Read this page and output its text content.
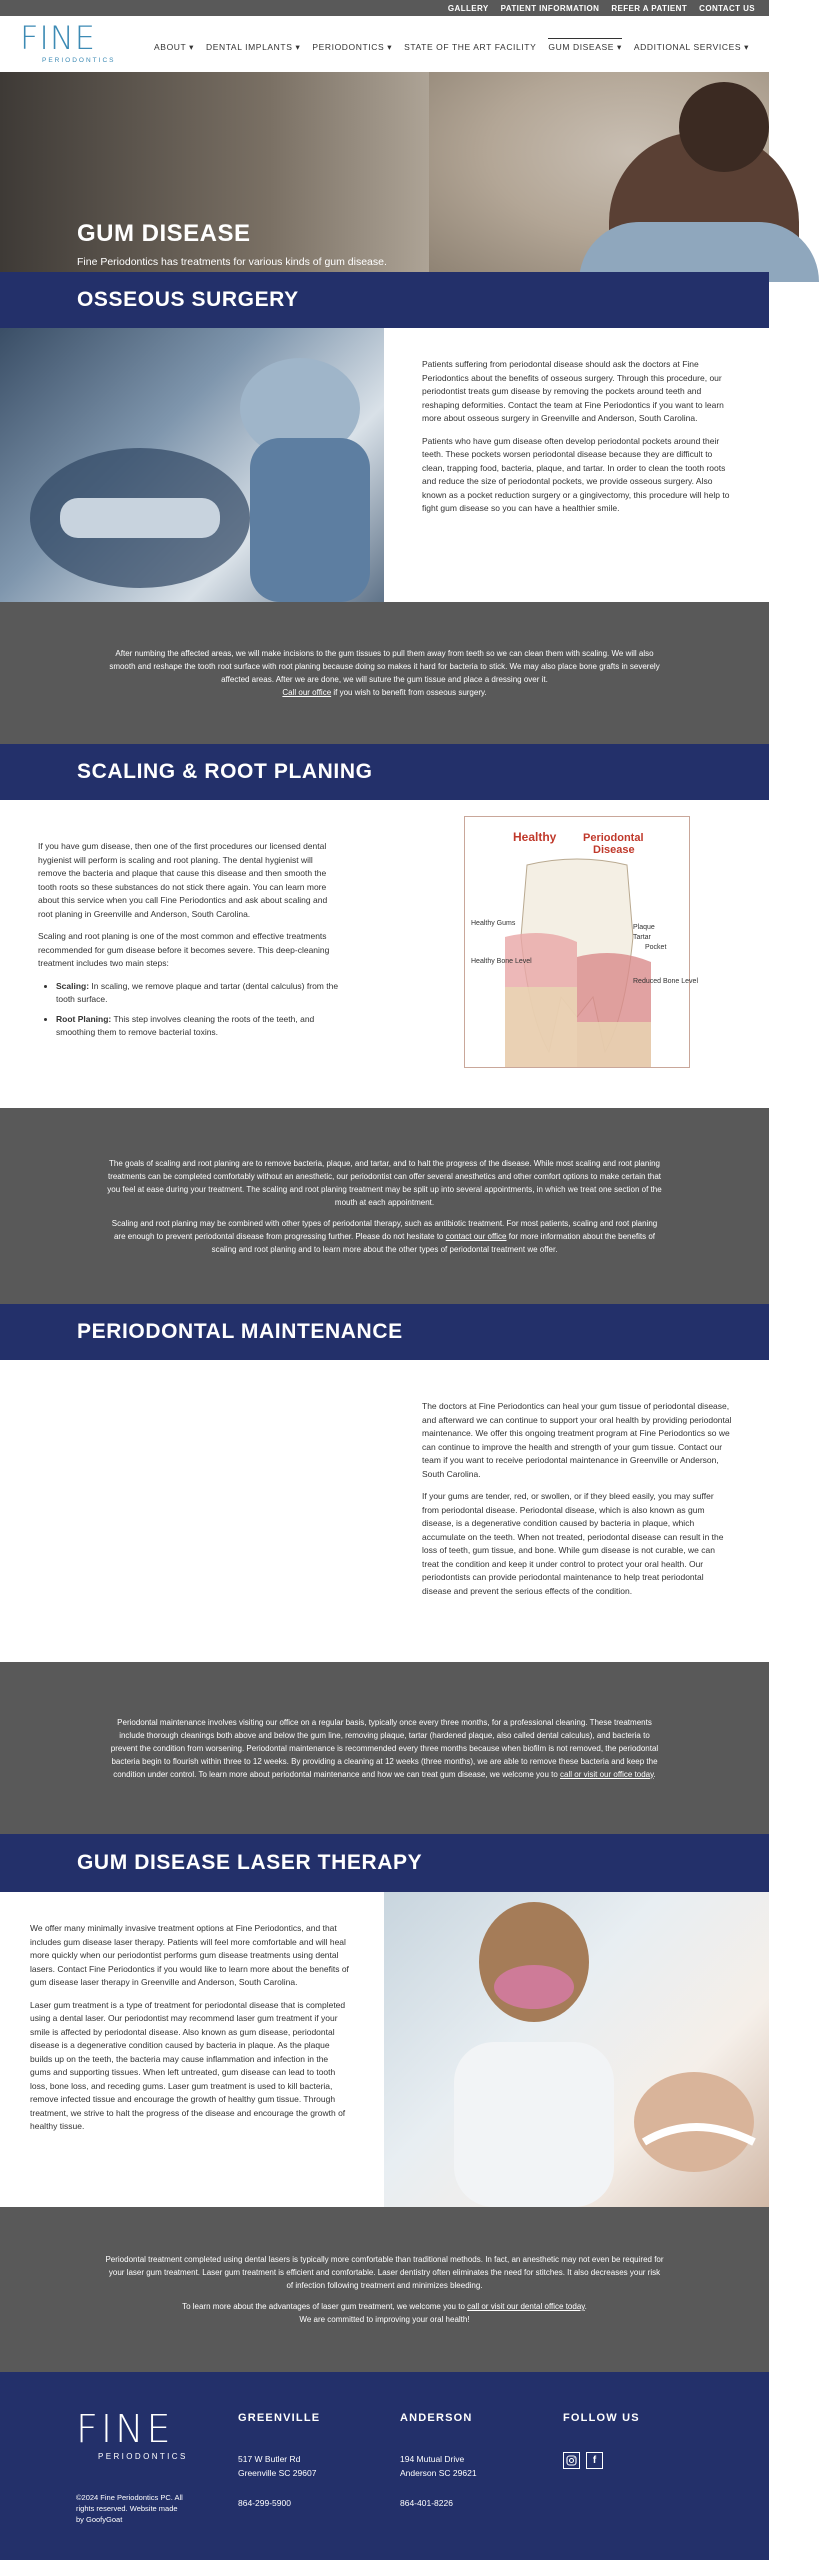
GALLERY PATIENT INFORMATION REFER A PATIENT CONTACT US
FINE
PERIODONTICS
ABOUT ▾ DENTAL IMPLANTS ▾ PERIODONTICS ▾ STATE OF THE ART FACILITY GUM DISEASE ▾ ADDITIONAL SERVICES ▾
GUM DISEASE
Fine Periodontics has treatments for various kinds of gum disease.
OSSEOUS SURGERY

Patients suffering from periodontal disease should ask the doctors at Fine Periodontics about the benefits of osseous surgery. Through this procedure, our periodontist treats gum disease by removing the pockets around teeth and reshaping deformities. Contact the team at Fine Periodontics if you want to learn more about osseous surgery in Greenville and Anderson, South Carolina.

Patients who have gum disease often develop periodontal pockets around their teeth. These pockets worsen periodontal disease because they are difficult to clean, trapping food, bacteria, plaque, and tartar. In order to clean the tooth roots and reduce the size of periodontal pockets, we provide osseous surgery. Also known as a pocket reduction surgery or a gingivectomy, this procedure will help to fight gum disease so you can have a healthier smile.

After numbing the affected areas, we will make incisions to the gum tissues to pull them away from teeth so we can clean them with scaling. We will also smooth and reshape the tooth root surface with root planing because doing so makes it hard for bacteria to stick. We may also place bone grafts in severely affected areas. After we are done, we will suture the gum tissue and place a dressing over it.
Call our office if you wish to benefit from osseous surgery.
SCALING & ROOT PLANING

If you have gum disease, then one of the first procedures our licensed dental hygienist will perform is scaling and root planing. The dental hygienist will remove the bacteria and plaque that cause this disease and then smooth the tooth roots so these substances do not stick there again. You can learn more about this service when you call Fine Periodontics and ask about scaling and root planing in Greenville and Anderson, South Carolina.

Scaling and root planing is one of the most common and effective treatments recommended for gum disease before it becomes severe. This deep-cleaning treatment includes two main steps:

• Scaling: In scaling, we remove plaque and tartar (dental calculus) from the tooth surface.
• Root Planing: This step involves cleaning the roots of the teeth, and smoothing them to remove bacterial toxins.
Healthy Periodontal Disease
Healthy Gums
Healthy Bone Level
Plaque
Tartar
Pocket
Reduced Bone Level
The goals of scaling and root planing are to remove bacteria, plaque, and tartar, and to halt the progress of the disease. While most scaling and root planing treatments can be completed comfortably without an anesthetic, our periodontist can offer several anesthetics and other comfort options to make certain that you feel at ease during your treatment. The scaling and root planing treatment may be split up into several appointments, in which we treat one section of the mouth at each appointment.
Scaling and root planing may be combined with other types of periodontal therapy, such as antibiotic treatment. For most patients, scaling and root planing are enough to prevent periodontal disease from progressing further. Please do not hesitate to contact our office for more information about the benefits of scaling and root planing and to learn more about the other types of periodontal treatment we offer.
PERIODONTAL MAINTENANCE

The doctors at Fine Periodontics can heal your gum tissue of periodontal disease, and afterward we can continue to support your oral health by providing periodontal maintenance. We offer this ongoing treatment program at Fine Periodontics so we can continue to improve the health and strength of your gum tissue. Contact our team if you want to receive periodontal maintenance in Greenville or Anderson, South Carolina.

If your gums are tender, red, or swollen, or if they bleed easily, you may suffer from periodontal disease. Periodontal disease, which is also known as gum disease, is a degenerative condition caused by bacteria in plaque, which accumulate on the teeth. When not treated, periodontal disease can result in the loss of teeth, gum tissue, and bone. While gum disease is not curable, we can treat the condition and keep it under control to protect your oral health. Our periodontists can provide periodontal maintenance to help treat periodontal disease and prevent the serious effects of the condition.

Periodontal maintenance involves visiting our office on a regular basis, typically once every three months, for a professional cleaning. These treatments include thorough cleanings both above and below the gum line, removing plaque, tartar (hardened plaque, also called dental calculus), and bacteria to prevent the condition from worsening. Periodontal maintenance is recommended every three months because when biofilm is not removed, the periodontal bacteria begin to flourish within three to 12 weeks. By providing a cleaning at 12 weeks (three months), we are able to remove these bacteria and keep the condition under control. To learn more about periodontal maintenance and how we can treat gum disease, we welcome you to call or visit our office today.
GUM DISEASE LASER THERAPY

We offer many minimally invasive treatment options at Fine Periodontics, and that includes gum disease laser therapy. Patients will feel more comfortable and will heal more quickly when our periodontist performs gum disease treatments using dental lasers. Contact Fine Periodontics if you would like to learn more about the benefits of gum disease laser therapy in Greenville and Anderson, South Carolina.

Laser gum treatment is a type of treatment for periodontal disease that is completed using a dental laser. Our periodontist may recommend laser gum treatment if your smile is affected by periodontal disease. Also known as gum disease, periodontal disease is a degenerative condition caused by bacteria in plaque. As the plaque builds up on the teeth, the bacteria may cause inflammation and infection in the gums and supporting tissues. When left untreated, gum disease can lead to tooth loss, bone loss, and receding gums. Laser gum treatment is used to kill bacteria, remove infected tissue and encourage the growth of healthy gum tissue. Through treatment, we strive to halt the progress of the disease and encourage the growth of healthy tissue.

Periodontal treatment completed using dental lasers is typically more comfortable than traditional methods. In fact, an anesthetic may not even be required for your laser gum treatment. Laser gum treatment is efficient and comfortable. Laser dentistry often eliminates the need for stitches. It also decreases your risk of infection following treatment and minimizes bleeding.
To learn more about the advantages of laser gum treatment, we welcome you to call or visit our dental office today.
We are committed to improving your oral health!
FINE
PERIODONTICS
©2024 Fine Periodontics PC. All rights reserved. Website made by GoofyGoat
GREENVILLE
517 W Butler Rd
Greenville SC 29607
864-299-5900
ANDERSON
194 Mutual Drive
Anderson SC 29621
864-401-8226
FOLLOW US
f
